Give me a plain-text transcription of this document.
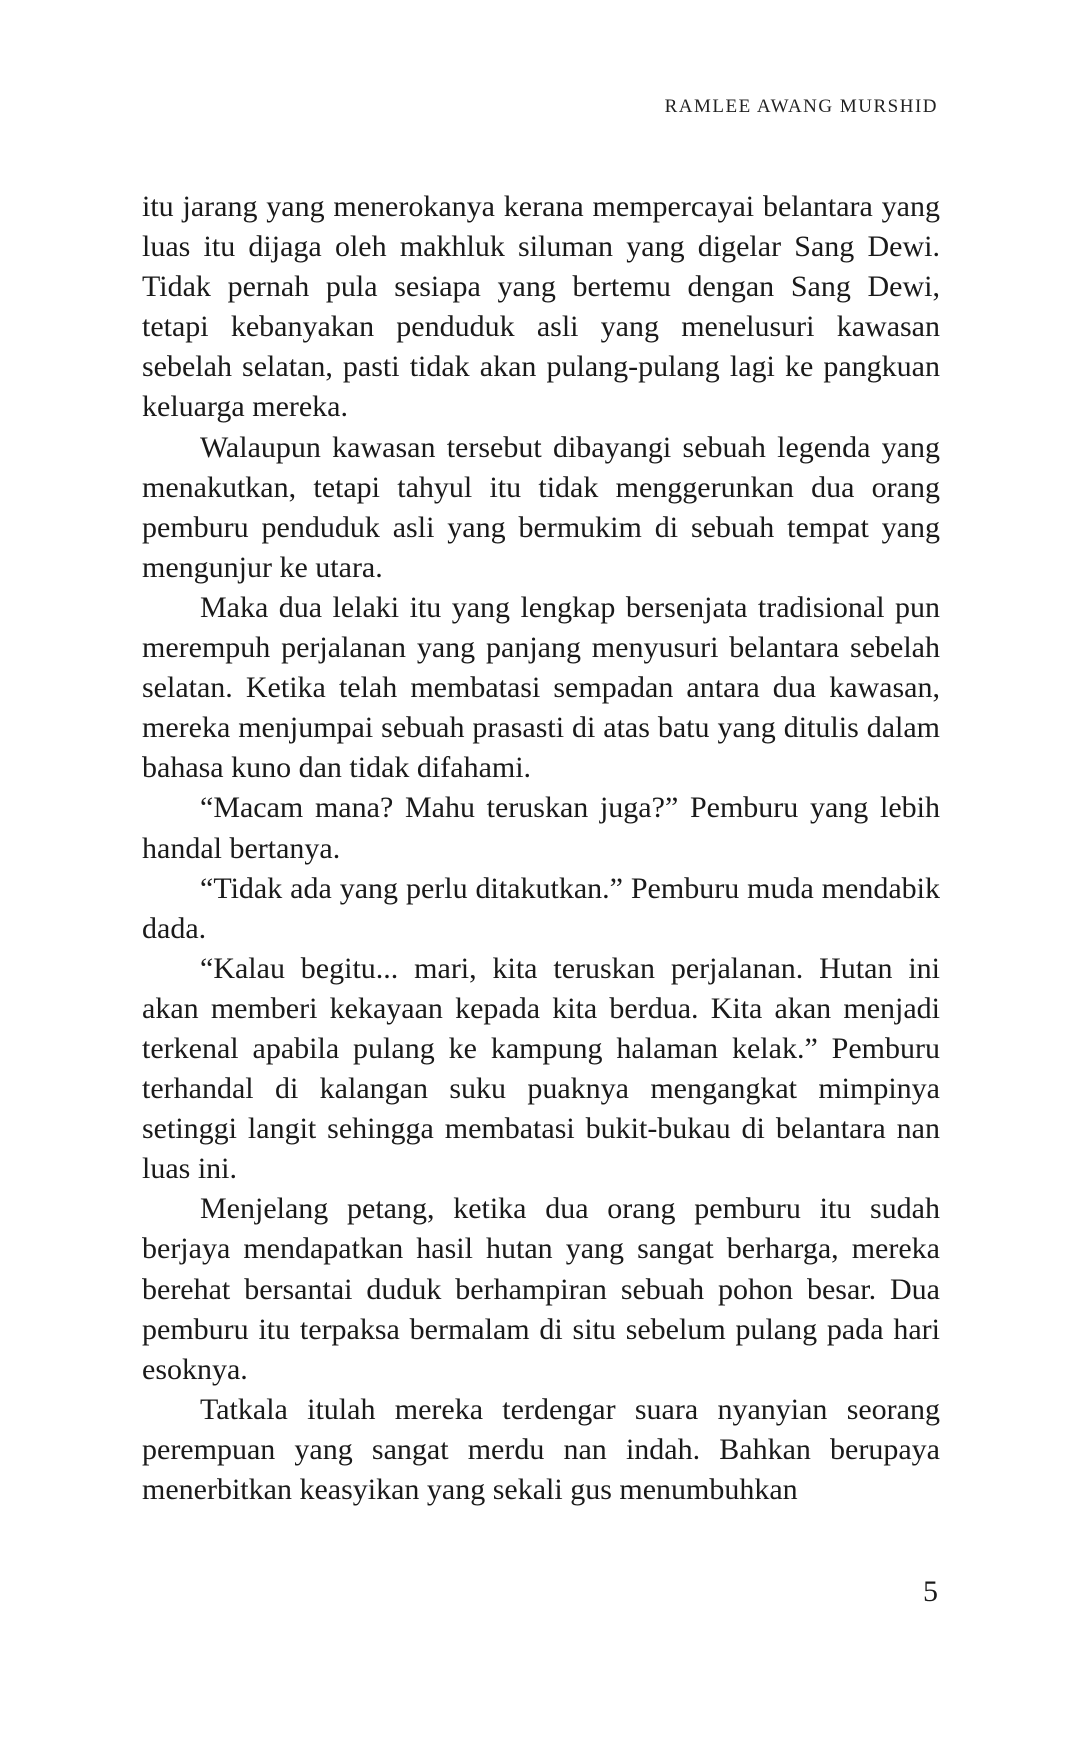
RAMLEE AWANG MURSHID

itu jarang yang menerokanya kerana mempercayai belantara yang luas itu dijaga oleh makhluk siluman yang digelar Sang Dewi. Tidak pernah pula sesiapa yang bertemu dengan Sang Dewi, tetapi kebanyakan penduduk asli yang menelusuri kawasan sebelah selatan, pasti tidak akan pulang-pulang lagi ke pangkuan keluarga mereka.

Walaupun kawasan tersebut dibayangi sebuah legenda yang menakutkan, tetapi tahyul itu tidak menggerunkan dua orang pemburu penduduk asli yang bermukim di sebuah tempat yang mengunjur ke utara.

Maka dua lelaki itu yang lengkap bersenjata tradisional pun merempuh perjalanan yang panjang menyusuri belantara sebelah selatan. Ketika telah membatasi sempadan antara dua kawasan, mereka menjumpai sebuah prasasti di atas batu yang ditulis dalam bahasa kuno dan tidak difahami.

“Macam mana? Mahu teruskan juga?” Pemburu yang lebih handal bertanya.

“Tidak ada yang perlu ditakutkan.” Pemburu muda mendabik dada.

“Kalau begitu... mari, kita teruskan perjalanan. Hutan ini akan memberi kekayaan kepada kita berdua. Kita akan menjadi terkenal apabila pulang ke kampung halaman kelak.” Pemburu terhandal di kalangan suku puaknya mengangkat mimpinya setinggi langit sehingga membatasi bukit-bukau di belantara nan luas ini.

Menjelang petang, ketika dua orang pemburu itu sudah berjaya mendapatkan hasil hutan yang sangat berharga, mereka berehat bersantai duduk berhampiran sebuah pohon besar. Dua pemburu itu terpaksa bermalam di situ sebelum pulang pada hari esoknya.

Tatkala itulah mereka terdengar suara nyanyian seorang perempuan yang sangat merdu nan indah. Bahkan berupaya menerbitkan keasyikan yang sekali gus menumbuhkan

5
